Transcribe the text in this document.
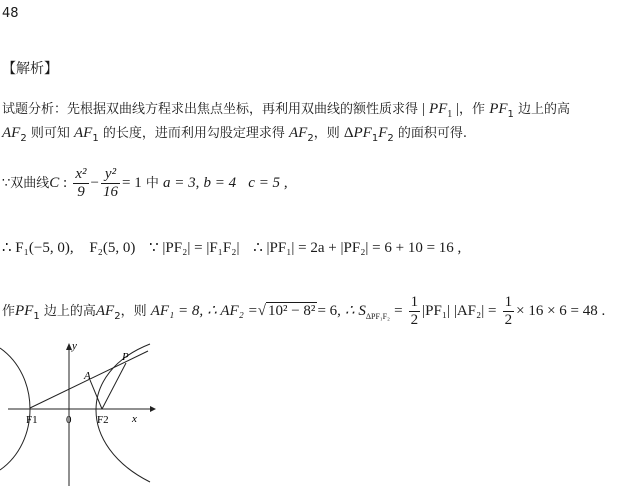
48
【解析】
试题分析：先根据双曲线方程求出焦点坐标，再利用双曲线的额性质求得 | $PF_1$ |，作 $PF_1$ 边上的高
$AF_2$ 则可知 $AF_1$ 的长度，进而利用勾股定理求得 $AF_2$，则 $\Delta PF_1F_2$ 的面积可得.
∵双曲线C : $\frac{\text{x²}}{9} - \frac{\text{y²}}{16} = 1$ 中 a = 3, b = 4 c = 5 ,
∴ F₁(−5, 0), F₂(5, 0) ∵ |PF₂| = |F₁F₂| ∴ |PF₁| = 2a + |PF₂| = 6 + 10 = 16 ,
作$PF_1$ 边上的高$AF_2$，则 AF₁ = 8, ∴ AF₂ =√ 10² − 8² = 6, ∴ $S_{\Delta PF_1F_2} = \frac{1}{2} |PF_1|$ $|AF_2| = \frac{1}{2} \times 16 \times 6 = 48$ .
y
x
P
A
F1	F2
0
